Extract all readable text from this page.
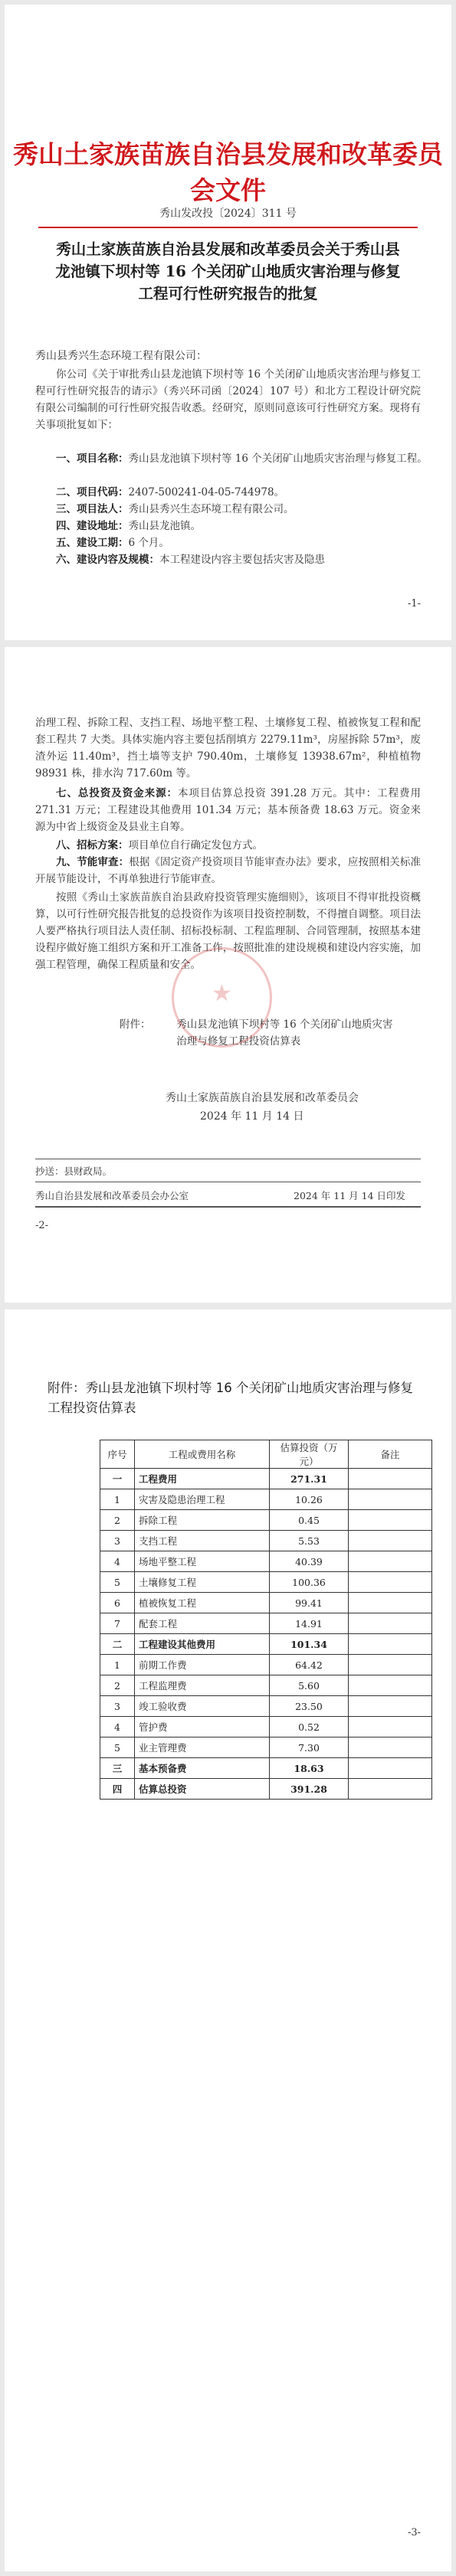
秀山土家族苗族自治县发展和改革委员会文件
秀山发改投〔2024〕311 号
秀山土家族苗族自治县发展和改革委员会关于秀山县龙池镇下坝村等 16 个关闭矿山地质灾害治理与修复工程可行性研究报告的批复
秀山县秀兴生态环境工程有限公司：
你公司《关于审批秀山县龙池镇下坝村等 16 个关闭矿山地质灾害治理与修复工程可行性研究报告的请示》（秀兴环司函〔2024〕107 号）和北方工程设计研究院有限公司编制的可行性研究报告收悉。经研究，原则同意该可行性研究方案。现将有关事项批复如下：
一、项目名称：秀山县龙池镇下坝村等 16 个关闭矿山地质灾害治理与修复工程。
二、项目代码：2407-500241-04-05-744978。
三、项目法人：秀山县秀兴生态环境工程有限公司。
四、建设地址：秀山县龙池镇。
五、建设工期：6 个月。
六、建设内容及规模：本工程建设内容主要包括灾害及隐患
-1-
治理工程、拆除工程、支挡工程、场地平整工程、土壤修复工程、植被恢复工程和配套工程共 7 大类。具体实施内容主要包括削填方 2279.11m³，房屋拆除 57m³，废渣外运 11.40m³，挡土墙等支护 790.40m，土壤修复 13938.67m²，种植植物 98931 株，排水沟 717.60m 等。
七、总投资及资金来源：本项目估算总投资 391.28 万元。其中：工程费用 271.31 万元；工程建设其他费用 101.34 万元；基本预备费 18.63 万元。资金来源为中省上级资金及县业主自筹。
八、招标方案：项目单位自行确定发包方式。
九、节能审查：根据《固定资产投资项目节能审查办法》要求，应按照相关标准开展节能设计，不再单独进行节能审查。
按照《秀山土家族苗族自治县政府投资管理实施细则》，该项目不得审批投资概算，以可行性研究报告批复的总投资作为该项目投资控制数，不得擅自调整。项目法人要严格执行项目法人责任制、招标投标制、工程监理制、合同管理制，按照基本建设程序做好施工组织方案和开工准备工作，按照批准的建设规模和建设内容实施，加强工程管理，确保工程质量和安全。
附件：	秀山县龙池镇下坝村等 16 个关闭矿山地质灾害治理与修复工程投资估算表
★
秀山土家族苗族自治县发展和改革委员会
2024 年 11 月 14 日
抄送：县财政局。
秀山自治县发展和改革委员会办公室	2024 年 11 月 14 日印发
-2-
附件：秀山县龙池镇下坝村等 16 个关闭矿山地质灾害治理与修复工程投资估算表
序号	工程或费用名称	估算投资（万元）	备注
一	工程费用	271.31	
1	灾害及隐患治理工程	10.26	
2	拆除工程	0.45	
3	支挡工程	5.53	
4	场地平整工程	40.39	
5	土壤修复工程	100.36	
6	植被恢复工程	99.41	
7	配套工程	14.91	
二	工程建设其他费用	101.34	
1	前期工作费	64.42	
2	工程监理费	5.60	
3	竣工验收费	23.50	
4	管护费	0.52	
5	业主管理费	7.30	
三	基本预备费	18.63	
四	估算总投资	391.28	
-3-
